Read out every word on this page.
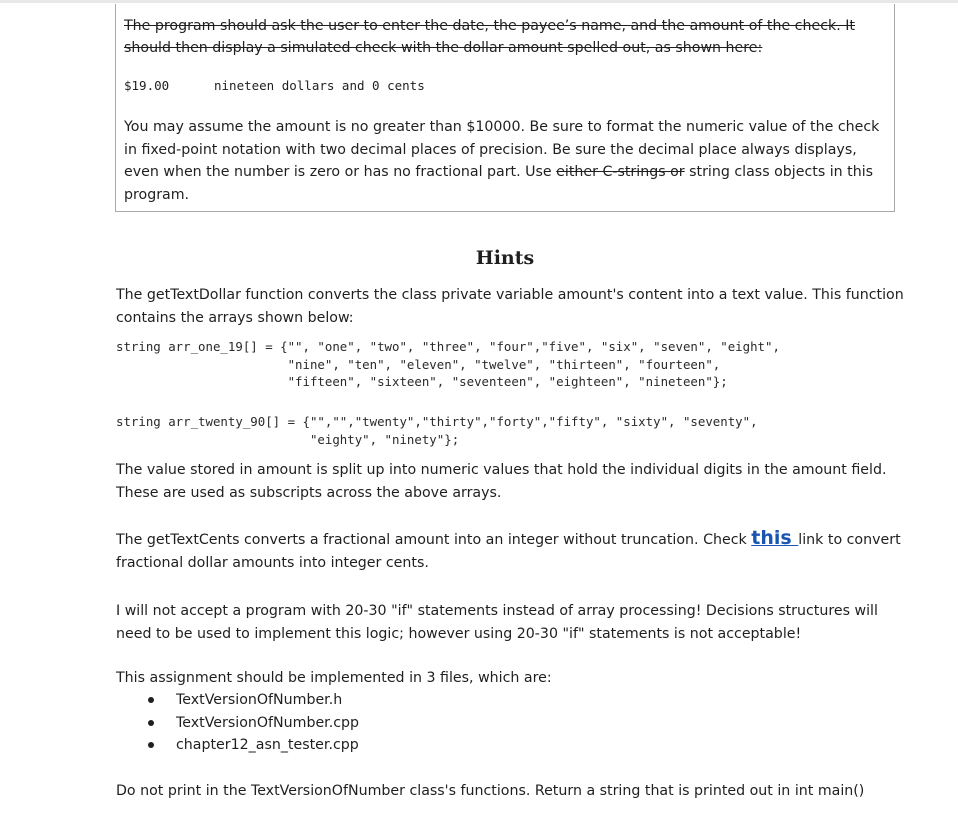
The program should ask the user to enter the date, the payee’s name, and the amount of the check. It should then display a simulated check with the dollar amount spelled out, as shown here:

$19.00	nineteen dollars and 0 cents

You may assume the amount is no greater than $10000. Be sure to format the numeric value of the check in fixed-point notation with two decimal places of precision. Be sure the decimal place always displays, even when the number is zero or has no fractional part. Use either C-strings or string class objects in this program.

Hints

The getTextDollar function converts the class private variable amount's content into a text value. This function contains the arrays shown below:

string arr_one_19[] = {"", "one", "two", "three", "four","five", "six", "seven", "eight",
"nine", "ten", "eleven", "twelve", "thirteen", "fourteen",
"fifteen", "sixteen", "seventeen", "eighteen", "nineteen"};
string arr_twenty_90[] = {"","","twenty","thirty","forty","fifty", "sixty", "seventy",
"eighty", "ninety"};

The value stored in amount is split up into numeric values that hold the individual digits in the amount field. These are used as subscripts across the above arrays.

The getTextCents converts a fractional amount into an integer without truncation. Check this link to convert fractional dollar amounts into integer cents.

I will not accept a program with 20-30 "if" statements instead of array processing! Decisions structures will need to be used to implement this logic; however using 20-30 "if" statements is not acceptable!

This assignment should be implemented in 3 files, which are:

TextVersionOfNumber.h
TextVersionOfNumber.cpp
chapter12_asn_tester.cpp

Do not print in the TextVersionOfNumber class's functions. Return a string that is printed out in int main()
